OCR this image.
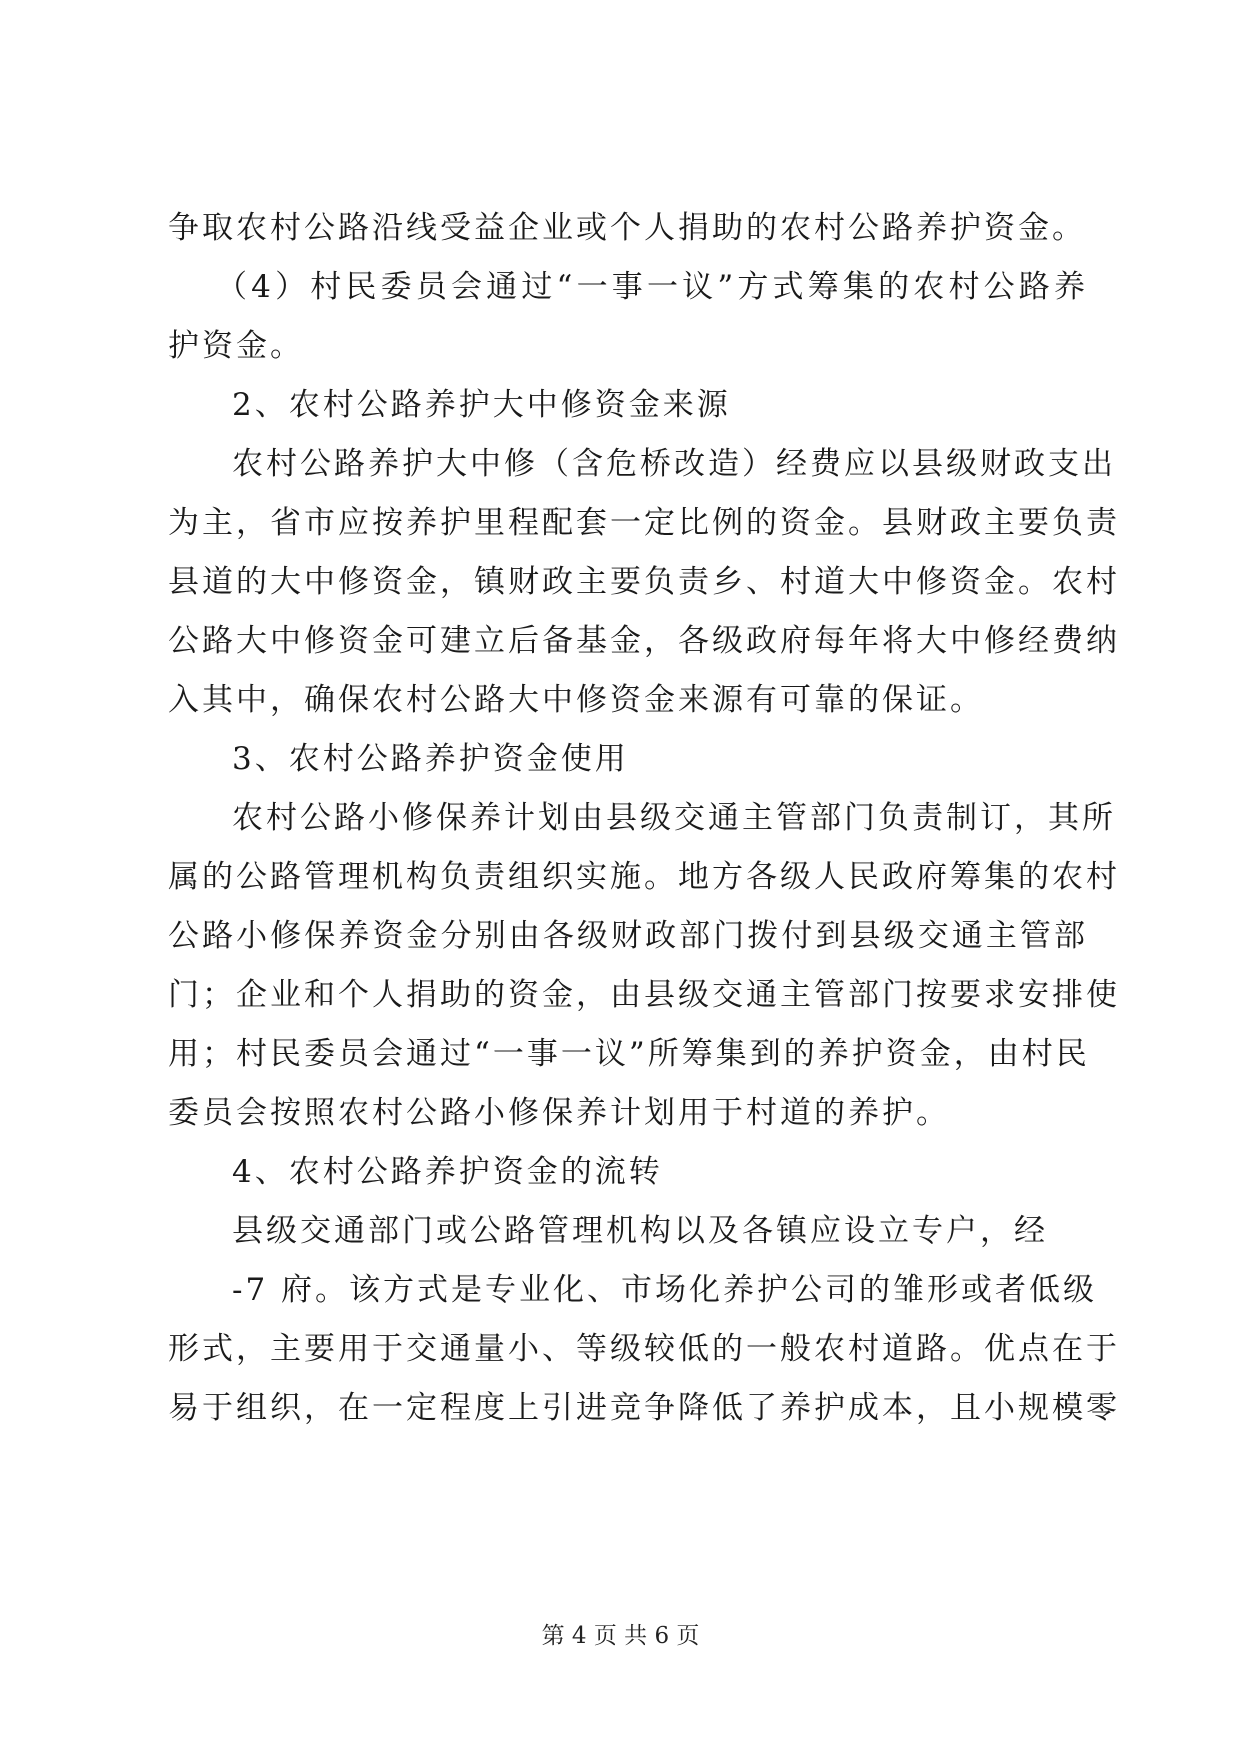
争取农村公路沿线受益企业或个人捐助的农村公路养护资金。
（4）村民委员会通过“一事一议”方式筹集的农村公路养
护资金。
2、农村公路养护大中修资金来源
农村公路养护大中修（含危桥改造）经费应以县级财政支出
为主，省市应按养护里程配套一定比例的资金。县财政主要负责
县道的大中修资金，镇财政主要负责乡、村道大中修资金。农村
公路大中修资金可建立后备基金，各级政府每年将大中修经费纳
入其中，确保农村公路大中修资金来源有可靠的保证。
3、农村公路养护资金使用
农村公路小修保养计划由县级交通主管部门负责制订，其所
属的公路管理机构负责组织实施。地方各级人民政府筹集的农村
公路小修保养资金分别由各级财政部门拨付到县级交通主管部
门；企业和个人捐助的资金，由县级交通主管部门按要求安排使
用；村民委员会通过“一事一议”所筹集到的养护资金，由村民
委员会按照农村公路小修保养计划用于村道的养护。
4、农村公路养护资金的流转
县级交通部门或公路管理机构以及各镇应设立专户，经
-7 府。该方式是专业化、市场化养护公司的雏形或者低级
形式，主要用于交通量小、等级较低的一般农村道路。优点在于
易于组织，在一定程度上引进竞争降低了养护成本，且小规模零
第 4 页 共 6 页
